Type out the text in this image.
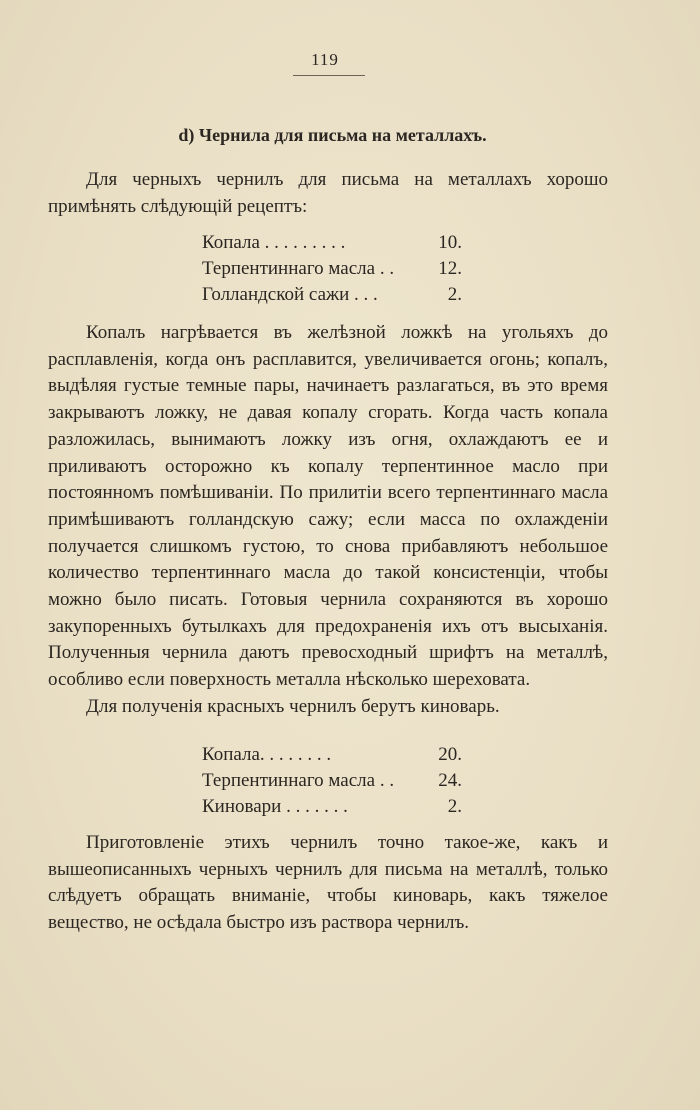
119
d) Чернила для письма на металлахъ.

Для черныхъ чернилъ для письма на металлахъ хорошо примѣнять слѣдующій рецептъ:

Копала . . . . . . . . .	10.
Терпентиннаго масла . .	12.
Голландской сажи . . .	2.

Копалъ нагрѣвается въ желѣзной ложкѣ на угольяхъ до расплавленія, когда онъ расплавится, увеличивается огонь; копалъ, выдѣляя густые темные пары, начинаетъ разлагаться, въ это время закрываютъ ложку, не давая копалу сгорать. Когда часть копала разложилась, вынимаютъ ложку изъ огня, охлаждаютъ ее и приливаютъ осторожно къ копалу терпентинное масло при постоянномъ помѣшиваніи. По прилитіи всего терпентиннаго масла примѣшиваютъ голландскую сажу; если масса по охлажденіи получается слишкомъ густою, то снова прибавляютъ небольшое количество терпентиннаго масла до такой консистенціи, чтобы можно было писать. Готовыя чернила сохраняются въ хорошо закупоренныхъ бутылкахъ для предохраненія ихъ отъ высыханія. Полученныя чернила даютъ превосходный шрифтъ на металлѣ, особливо если поверхность металла нѣсколько шереховата.

Для полученія красныхъ чернилъ берутъ киноварь.

Копала. . . . . . . .	20.
Терпентиннаго масла . .	24.
Киновари . . . . . . .	2.

Приготовленіе этихъ чернилъ точно такое-же, какъ и вышеописанныхъ черныхъ чернилъ для письма на металлѣ, только слѣдуетъ обращать вниманіе, чтобы киноварь, какъ тяжелое вещество, не осѣдала быстро изъ раствора чернилъ.
